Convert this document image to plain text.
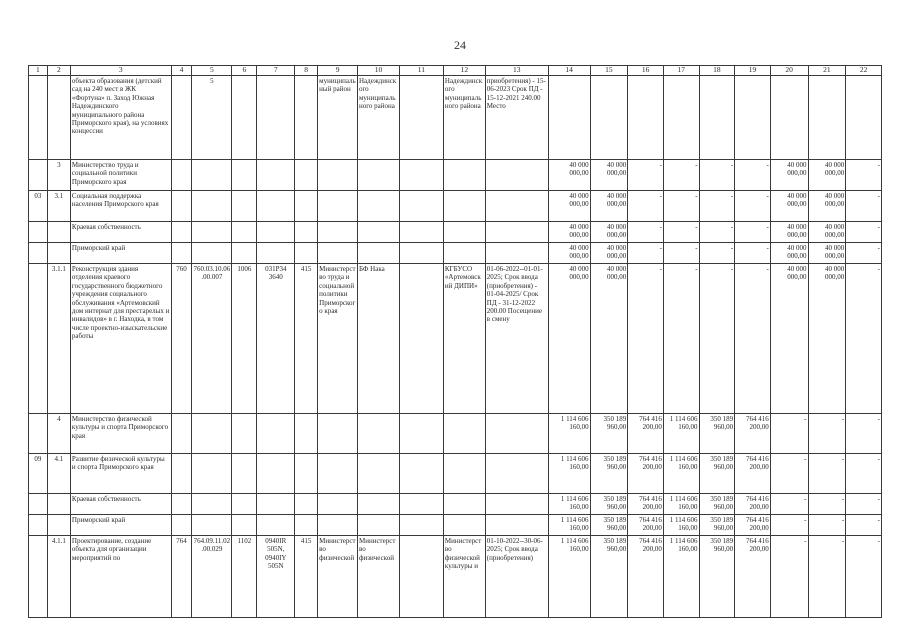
24
1	2	3	4	5	6	7	8	9	10	11	12	13	14	15	16	17	18	19	20	21	22
		объекта образования (детский сад на 240 мест в ЖК «Фортуна» п. Заход Южная Надеждинского муниципального района Приморского края), на условиях концессии		5				муниципальный район	Надеждинского муниципального района		Надеждинского муниципального района	приобретения) - 15-06-2023 Срок ПД - 15-12-2021 240.00 Место									
	3	Министерство труда и социальной политики Приморского края											40 000 000,00	40 000 000,00	-	-	-	-	40 000 000,00	40 000 000,00	-
03	3.1	Социальная поддержка населения Приморского края											40 000 000,00	40 000 000,00	-	-	-	-	40 000 000,00	40 000 000,00	-
		Краевая собственность											40 000 000,00	40 000 000,00	-	-	-	-	40 000 000,00	40 000 000,00	-
		Приморский край											40 000 000,00	40 000 000,00	-	-	-	-	40 000 000,00	40 000 000,00	-
	3.1.1	Реконструкция здания отделения краевого государственного бюджетного учреждения социального обслуживания «Артемовский дом интернат для престарелых и инвалидов» в г. Находка, в том числе проектно-изыскательские работы	760	760.03.10.06.00.007	1006	031Р34 3640	415	Министерство труда и социальной политики Приморского края	БФ Нака		КГБУСО «Артемовский ДИПИ»	01-06-2022--01-01-2025; Срок ввода (приобретения) - 01-04-2025/ Срок ПД - 31-12-2022 200.00 Посещение в смену	40 000 000,00	40 000 000,00	-	-	-	-	40 000 000,00	40 000 000,00	-
	4	Министерство физической культуры и спорта Приморского края											1 114 606 160,00	350 189 960,00	764 416 200,00	1 114 606 160,00	350 189 960,00	764 416 200,00	-	-	-
09	4.1	Развитие физической культуры и спорта Приморского края											1 114 606 160,00	350 189 960,00	764 416 200,00	1 114 606 160,00	350 189 960,00	764 416 200,00	-	-	-
		Краевая собственность											1 114 606 160,00	350 189 960,00	764 416 200,00	1 114 606 160,00	350 189 960,00	764 416 200,00	-	-	-
		Приморский край											1 114 606 160,00	350 189 960,00	764 416 200,00	1 114 606 160,00	350 189 960,00	764 416 200,00	-	-	-
	4.1.1	Проектирование, создание объекта для организации мероприятий по	764	764.09.11.02.00.029	1102	0940IR 505N, 0940IY 505N	415	Министерство физической	Министерство физической		Министерство физической культуры и	01-10-2022--30-06-2025; Срок ввода (приобретения)	1 114 606 160,00	350 189 960,00	764 416 200,00	1 114 606 160,00	350 189 960,00	764 416 200,00	-	-	-
